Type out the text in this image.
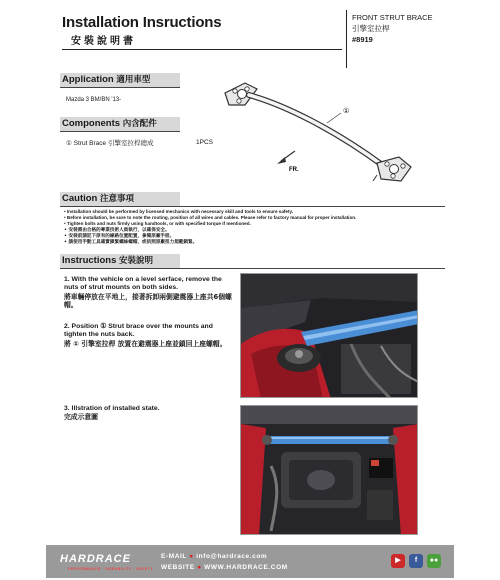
Installation Insructions
安裝說明書
FRONT STRUT BRACE
引擎室拉桿
#8919
Application 適用車型
Mazda 3 BM/BN '13-
Components 內含配件
① Strut Brace 引擎室拉桿總成	1PCS
①
FR.
Caution 注意事項
• Installation should be performed by licensed mechanics with necessary skill and tools to ensure safety.
• Before installation, be sure to note the routing, position of all wires and cables. Please refer to factory manual for proper installation.
• Tighten bolts and nuts firmly using handtools, or with specified torque if mentioned.
• 安裝需由合格的專業技術人員執行，以確保安全。
• 安裝前請記下原有的線路位置配置，參閱原廠手冊。
• 請使用手動工具確實鎖緊螺絲螺帽，或依照原廠扭力規範鎖緊。
Instructions 安裝說明
1. With the vehicle on a level serface, remove the nuts of strut mounts on both sides.
將車輛停放在平地上，接著拆卸兩側避震器上座共6個螺帽。
2. Position ① Strut brace over the mounts and tighten the nuts back.
將 ① 引擎室拉桿 放置在避震器上座並鎖回上座螺帽。
3. Illstration of installed state.
完成示意圖
HARDRACE
PERFORMANCE · DURABILITY · SAFETY
E-MAIL ● info@hardrace.com
WEBSITE ● WWW.HARDRACE.COM
▶	f	●●
